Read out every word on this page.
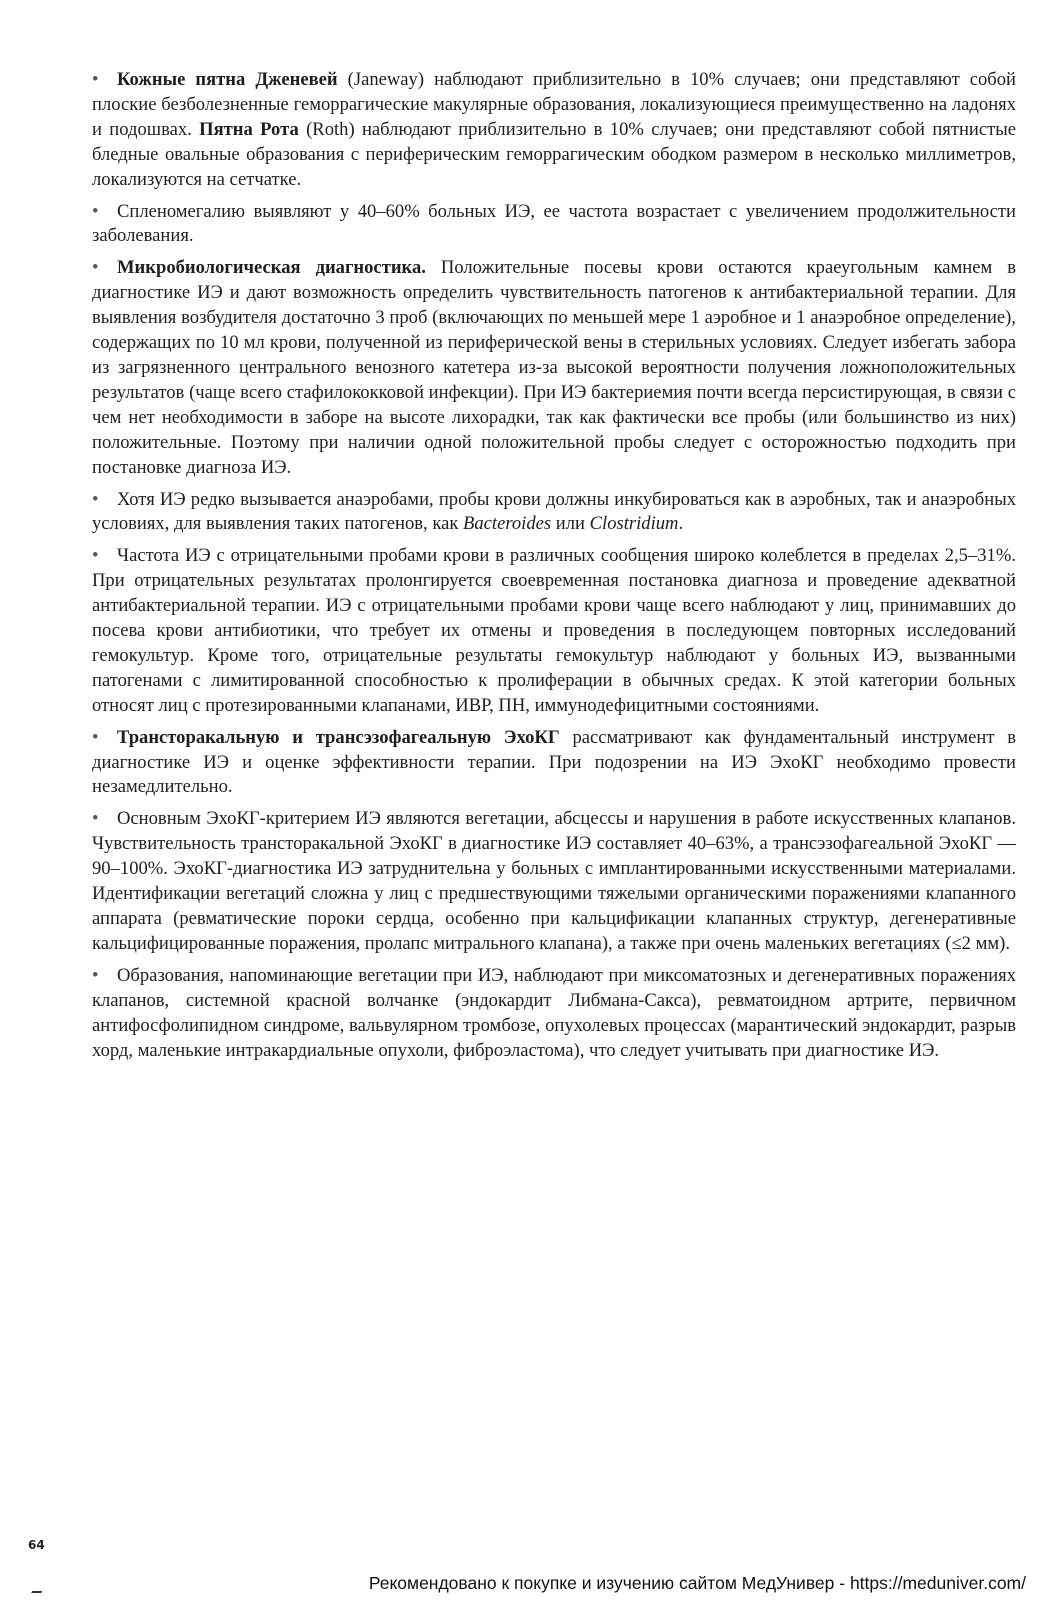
• Кожные пятна Дженевей (Janeway) наблюдают приблизительно в 10% случаев; они представляют собой плоские безболезненные геморрагические макулярные образования, локализующиеся преимущественно на ладонях и подошвах. Пятна Рота (Roth) наблюдают приблизительно в 10% случаев; они представляют собой пятнистые бледные овальные образования с периферическим геморрагическим ободком размером в несколько миллиметров, локализуются на сетчатке.

• Спленомегалию выявляют у 40–60% больных ИЭ, ее частота возрастает с увеличением продолжительности заболевания.

• Микробиологическая диагностика. Положительные посевы крови остаются краеугольным камнем в диагностике ИЭ и дают возможность определить чувствительность патогенов к антибактериальной терапии. Для выявления возбудителя достаточно 3 проб (включающих по меньшей мере 1 аэробное и 1 анаэробное определение), содержащих по 10 мл крови, полученной из периферической вены в стерильных условиях. Следует избегать забора из загрязненного центрального венозного катетера из-за высокой вероятности получения ложноположительных результатов (чаще всего стафилококковой инфекции). При ИЭ бактериемия почти всегда персистирующая, в связи с чем нет необходимости в заборе на высоте лихорадки, так как фактически все пробы (или большинство из них) положительные. Поэтому при наличии одной положительной пробы следует с осторожностью подходить при постановке диагноза ИЭ.

• Хотя ИЭ редко вызывается анаэробами, пробы крови должны инкубироваться как в аэробных, так и анаэробных условиях, для выявления таких патогенов, как Bacteroides или Clostridium.

• Частота ИЭ с отрицательными пробами крови в различных сообщения широко колеблется в пределах 2,5–31%. При отрицательных результатах пролонгируется своевременная постановка диагноза и проведение адекватной антибактериальной терапии. ИЭ с отрицательными пробами крови чаще всего наблюдают у лиц, принимавших до посева крови антибиотики, что требует их отмены и проведения в последующем повторных исследований гемокультур. Кроме того, отрицательные результаты гемокультур наблюдают у больных ИЭ, вызванными патогенами с лимитированной способностью к пролиферации в обычных средах. К этой категории больных относят лиц с протезированными клапанами, ИВР, ПН, иммунодефицитными состояниями.

• Трансторакальную и трансэзофагеальную ЭхоКГ рассматривают как фундаментальный инструмент в диагностике ИЭ и оценке эффективности терапии. При подозрении на ИЭ ЭхоКГ необходимо провести незамедлительно.

• Основным ЭхоКГ-критерием ИЭ являются вегетации, абсцессы и нарушения в работе искусственных клапанов. Чувствительность трансторакальной ЭхоКГ в диагностике ИЭ составляет 40–63%, а трансэзофагеальной ЭхоКГ — 90–100%. ЭхоКГ-диагностика ИЭ затруднительна у больных с имплантированными искусственными материалами. Идентификации вегетаций сложна у лиц с предшествующими тяжелыми органическими поражениями клапанного аппарата (ревматические пороки сердца, особенно при кальцификации клапанных структур, дегенеративные кальцифицированные поражения, пролапс митрального клапана), а также при очень маленьких вегетациях (≤2 мм).

• Образования, напоминающие вегетации при ИЭ, наблюдают при миксоматозных и дегенеративных поражениях клапанов, системной красной волчанке (эндокардит Либмана-Сакса), ревматоидном артрите, первичном антифосфолипидном синдроме, вальвулярном тромбозе, опухолевых процессах (марантический эндокардит, разрыв хорд, маленькие интракардиальные опухоли, фиброэластома), что следует учитывать при диагностике ИЭ.

64
Рекомендовано к покупке и изучению сайтом МедУнивер - https://meduniver.com/
